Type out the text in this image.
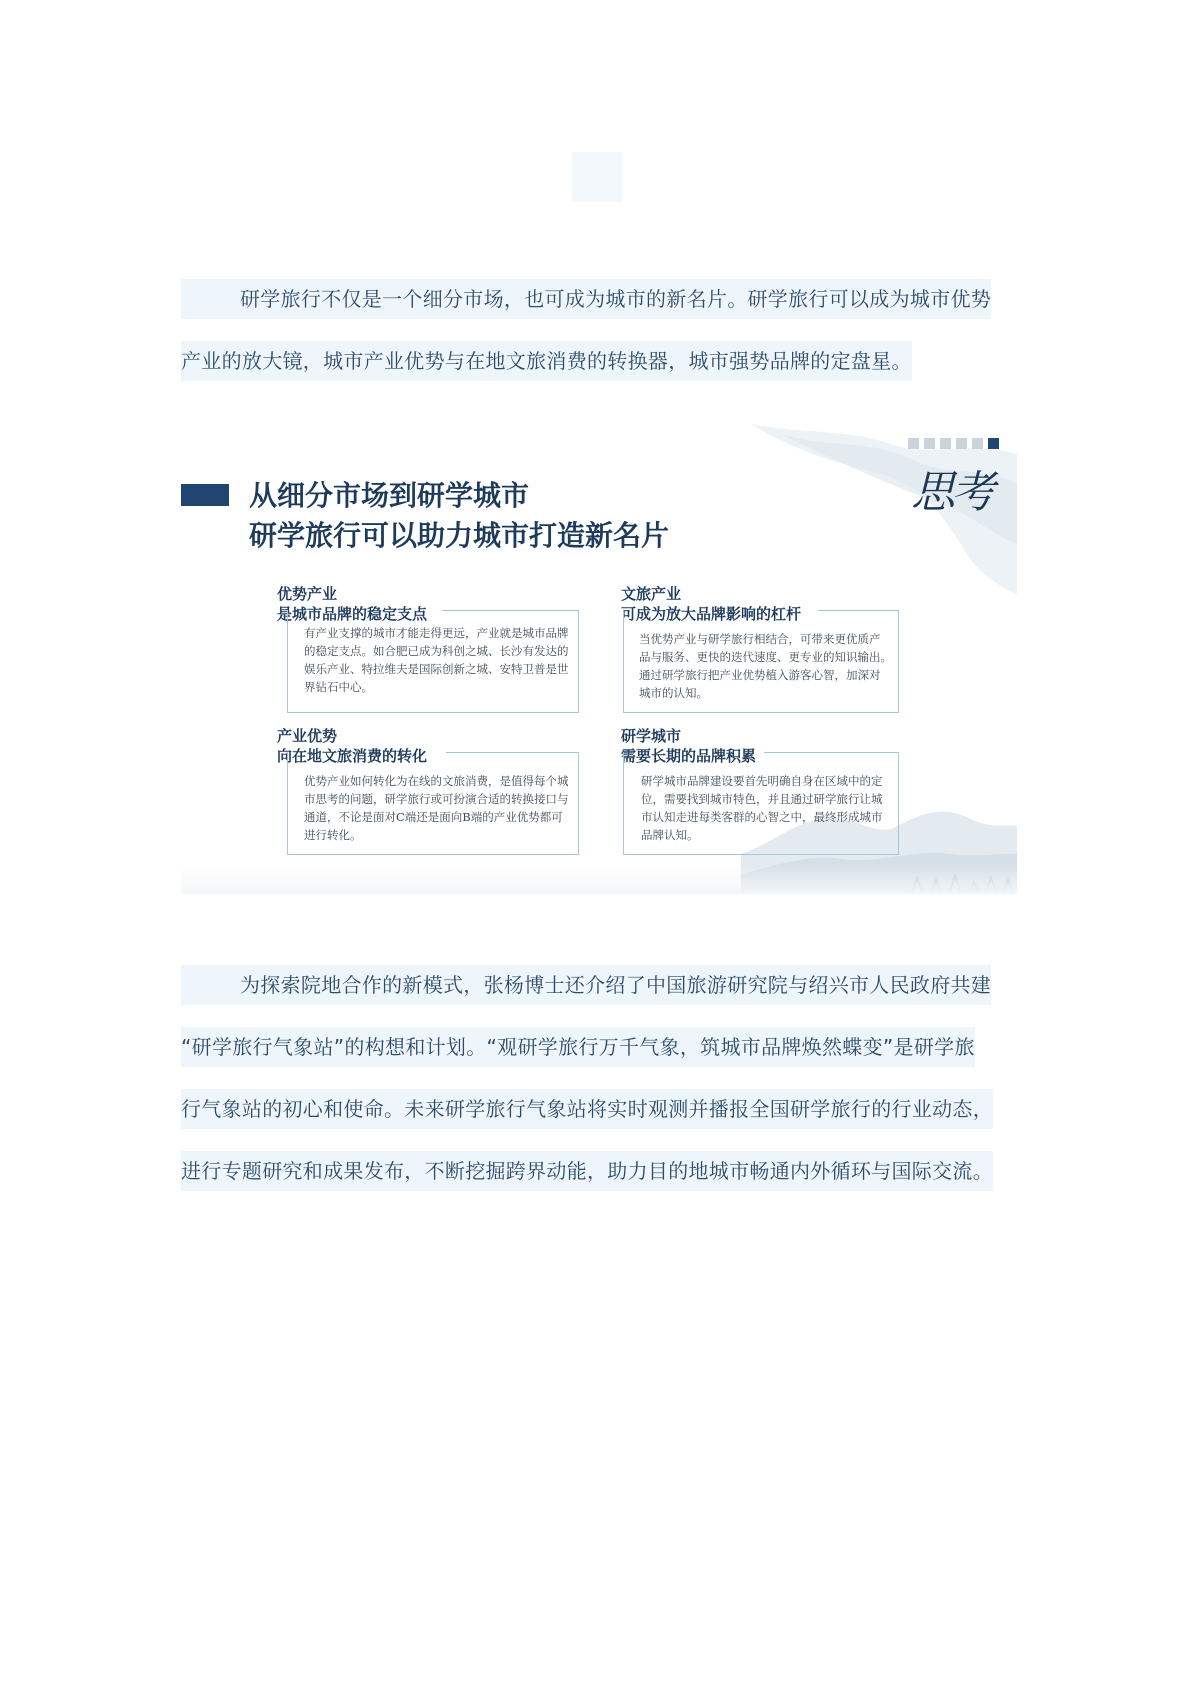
研学旅行不仅是一个细分市场，也可成为城市的新名片。研学旅行可以成为城市优势
产业的放大镜，城市产业优势与在地文旅消费的转换器，城市强势品牌的定盘星。
思考
从细分市场到研学城市
研学旅行可以助力城市打造新名片
优势产业
是城市品牌的稳定支点
有产业支撑的城市才能走得更远，产业就是城市品牌
的稳定支点。如合肥已成为科创之城、长沙有发达的
娱乐产业、特拉维夫是国际创新之城、安特卫普是世
界钻石中心。
文旅产业
可成为放大品牌影响的杠杆
当优势产业与研学旅行相结合，可带来更优质产
品与服务、更快的迭代速度、更专业的知识输出。
通过研学旅行把产业优势植入游客心智，加深对
城市的认知。
产业优势
向在地文旅消费的转化
优势产业如何转化为在线的文旅消费，是值得每个城
市思考的问题，研学旅行或可扮演合适的转换接口与
通道，不论是面对C端还是面向B端的产业优势都可
进行转化。
研学城市
需要长期的品牌积累
研学城市品牌建设要首先明确自身在区域中的定
位，需要找到城市特色，并且通过研学旅行让城
市认知走进每类客群的心智之中，最终形成城市
品牌认知。
为探索院地合作的新模式，张杨博士还介绍了中国旅游研究院与绍兴市人民政府共建
“研学旅行气象站”的构想和计划。“观研学旅行万千气象，筑城市品牌焕然蝶变”是研学旅
行气象站的初心和使命。未来研学旅行气象站将实时观测并播报全国研学旅行的行业动态，
进行专题研究和成果发布，不断挖掘跨界动能，助力目的地城市畅通内外循环与国际交流。
